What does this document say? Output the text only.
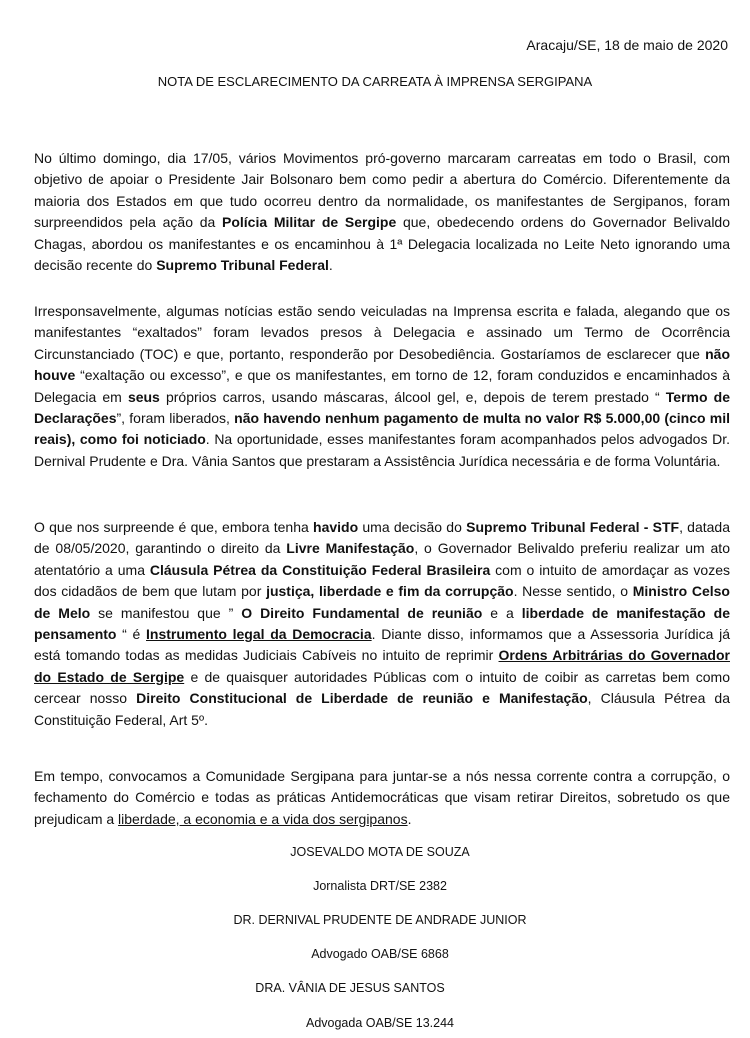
Aracaju/SE, 18 de maio de 2020
NOTA DE ESCLARECIMENTO DA CARREATA À IMPRENSA SERGIPANA

No último domingo, dia 17/05, vários Movimentos pró-governo marcaram carreatas em todo o Brasil, com objetivo de apoiar o Presidente Jair Bolsonaro bem como pedir a abertura do Comércio. Diferentemente da maioria dos Estados em que tudo ocorreu dentro da normalidade, os manifestantes de Sergipanos, foram surpreendidos pela ação da Polícia Militar de Sergipe que, obedecendo ordens do Governador Belivaldo Chagas, abordou os manifestantes e os encaminhou à 1ª Delegacia localizada no Leite Neto ignorando uma decisão recente do Supremo Tribunal Federal.

Irresponsavelmente, algumas notícias estão sendo veiculadas na Imprensa escrita e falada, alegando que os manifestantes “exaltados” foram levados presos à Delegacia e assinado um Termo de Ocorrência Circunstanciado (TOC) e que, portanto, responderão por Desobediência. Gostaríamos de esclarecer que não houve “exaltação ou excesso”, e que os manifestantes, em torno de 12, foram conduzidos e encaminhados à Delegacia em seus próprios carros, usando máscaras, álcool gel, e, depois de terem prestado “ Termo de Declarações”, foram liberados, não havendo nenhum pagamento de multa no valor R$ 5.000,00 (cinco mil reais), como foi noticiado. Na oportunidade, esses manifestantes foram acompanhados pelos advogados Dr. Dernival Prudente e Dra. Vânia Santos que prestaram a Assistência Jurídica necessária e de forma Voluntária.

O que nos surpreende é que, embora tenha havido uma decisão do Supremo Tribunal Federal - STF, datada de 08/05/2020, garantindo o direito da Livre Manifestação, o Governador Belivaldo preferiu realizar um ato atentatório a uma Cláusula Pétrea da Constituição Federal Brasileira com o intuito de amordaçar as vozes dos cidadãos de bem que lutam por justiça, liberdade e fim da corrupção. Nesse sentido, o Ministro Celso de Melo se manifestou que ” O Direito Fundamental de reunião e a liberdade de manifestação de pensamento “ é Instrumento legal da Democracia. Diante disso, informamos que a Assessoria Jurídica já está tomando todas as medidas Judiciais Cabíveis no intuito de reprimir Ordens Arbitrárias do Governador do Estado de Sergipe e de quaisquer autoridades Públicas com o intuito de coibir as carretas bem como cercear nosso Direito Constitucional de Liberdade de reunião e Manifestação, Cláusula Pétrea da Constituição Federal, Art 5º.

Em tempo, convocamos a Comunidade Sergipana para juntar-se a nós nessa corrente contra a corrupção, o fechamento do Comércio e todas as práticas Antidemocráticas que visam retirar Direitos, sobretudo os que prejudicam a liberdade, a economia e a vida dos sergipanos.

JOSEVALDO MOTA DE SOUZA
Jornalista DRT/SE 2382
DR. DERNIVAL PRUDENTE DE ANDRADE JUNIOR
Advogado OAB/SE 6868
DRA. VÂNIA DE JESUS SANTOS
Advogada OAB/SE 13.244
